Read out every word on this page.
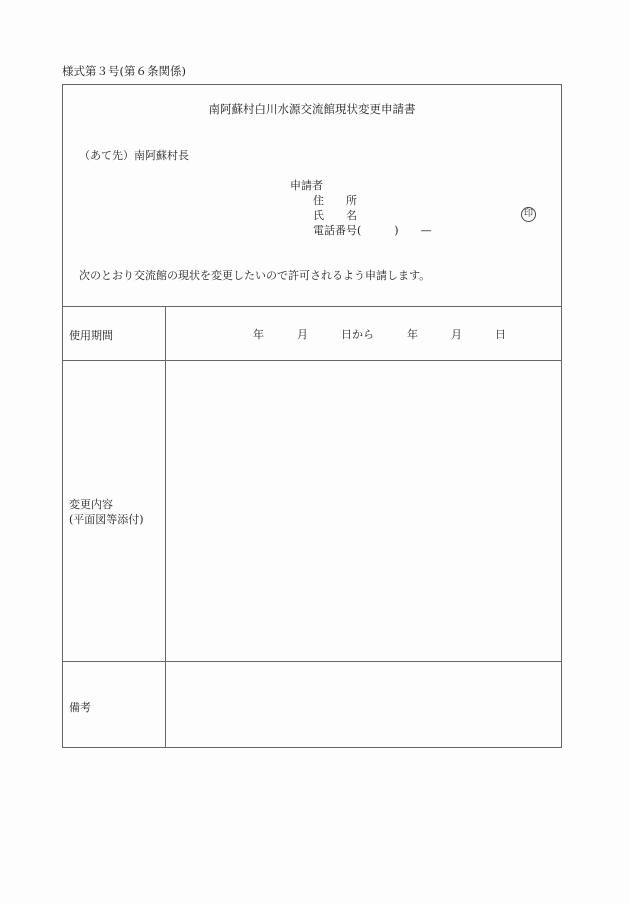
様式第３号(第６条関係)
南阿蘇村白川水源交流館現状変更申請書
（あて先）南阿蘇村長
申請者
住　　所
氏　　名
電話番号(　　　)　　—
印
次のとおり交流館の現状を変更したいので許可されるよう申請します。
使用期間	年　　　月　　　日から　　　年　　　月　　　日
変更内容
(平面図等添付)
備考
